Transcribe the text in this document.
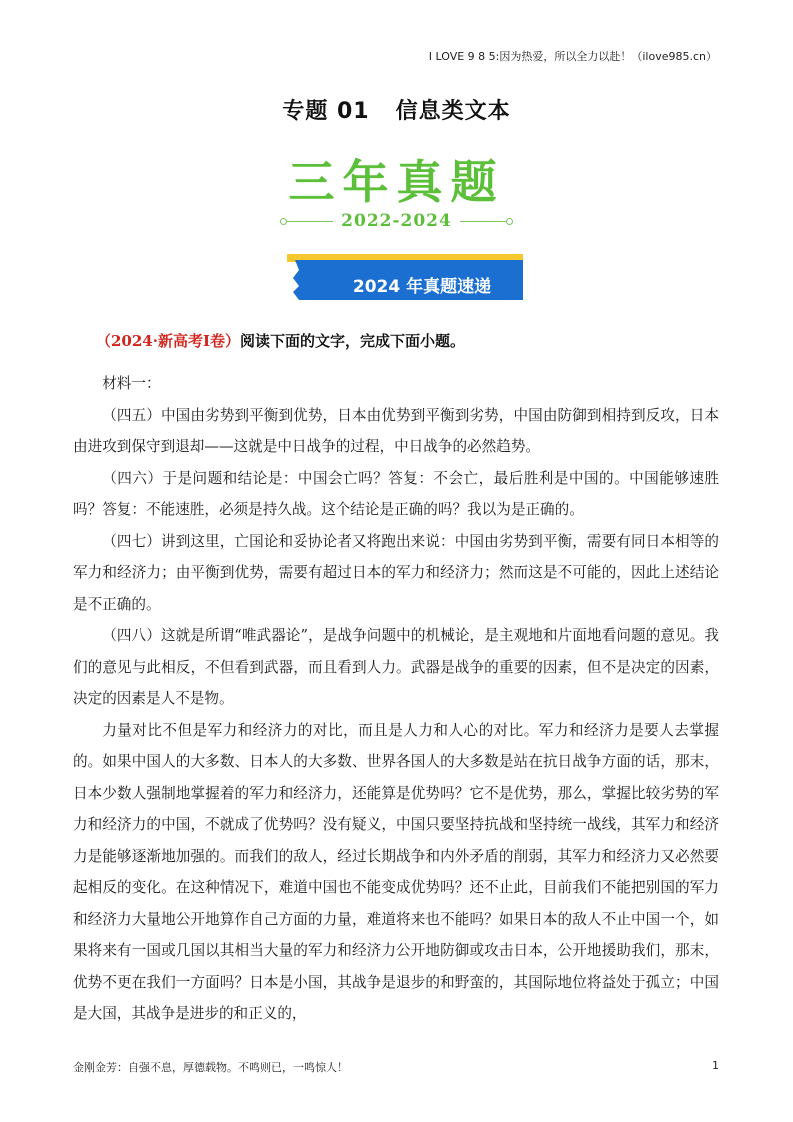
I LOVE 9 8 5:因为热爱，所以全力以赴！（ilove985.cn）
专题 01 信息类文本
三年真题
2022-2024
2024 年真题速递
（2024·新高考Ⅰ卷）阅读下面的文字，完成下面小题。

材料一：

（四五）中国由劣势到平衡到优势，日本由优势到平衡到劣势，中国由防御到相持到反攻，日本由进攻到保守到退却——这就是中日战争的过程，中日战争的必然趋势。

（四六）于是问题和结论是：中国会亡吗？答复：不会亡，最后胜利是中国的。中国能够速胜吗？答复：不能速胜，必须是持久战。这个结论是正确的吗？我以为是正确的。

（四七）讲到这里，亡国论和妥协论者又将跑出来说：中国由劣势到平衡，需要有同日本相等的军力和经济力；由平衡到优势，需要有超过日本的军力和经济力；然而这是不可能的，因此上述结论是不正确的。

（四八）这就是所谓“唯武器论”，是战争问题中的机械论，是主观地和片面地看问题的意见。我们的意见与此相反，不但看到武器，而且看到人力。武器是战争的重要的因素，但不是决定的因素，决定的因素是人不是物。

力量对比不但是军力和经济力的对比，而且是人力和人心的对比。军力和经济力是要人去掌握的。如果中国人的大多数、日本人的大多数、世界各国人的大多数是站在抗日战争方面的话，那末，日本少数人强制地掌握着的军力和经济力，还能算是优势吗？它不是优势，那么，掌握比较劣势的军力和经济力的中国，不就成了优势吗？没有疑义，中国只要坚持抗战和坚持统一战线，其军力和经济力是能够逐渐地加强的。而我们的敌人，经过长期战争和内外矛盾的削弱，其军力和经济力又必然要起相反的变化。在这种情况下，难道中国也不能变成优势吗？还不止此，目前我们不能把别国的军力和经济力大量地公开地算作自己方面的力量，难道将来也不能吗？如果日本的敌人不止中国一个，如果将来有一国或几国以其相当大量的军力和经济力公开地防御或攻击日本，公开地援助我们，那末，优势不更在我们一方面吗？日本是小国，其战争是退步的和野蛮的，其国际地位将益处于孤立；中国是大国，其战争是进步的和正义的，

金刚金芳：自强不息，厚德载物。不鸣则已，一鸣惊人！	1
